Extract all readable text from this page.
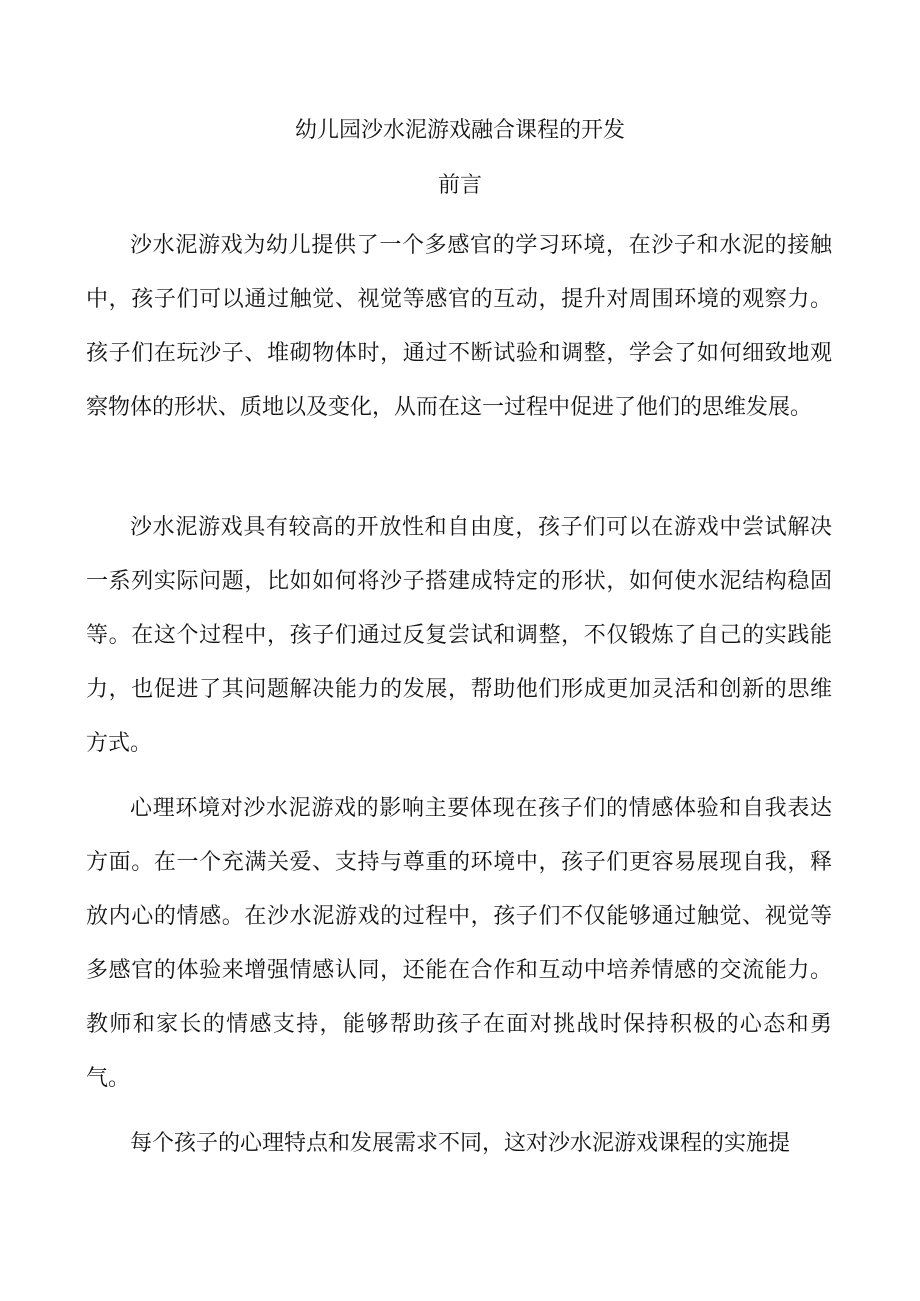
幼儿园沙水泥游戏融合课程的开发
前言

沙水泥游戏为幼儿提供了一个多感官的学习环境，在沙子和水泥的接触中，孩子们可以通过触觉、视觉等感官的互动，提升对周围环境的观察力。孩子们在玩沙子、堆砌物体时，通过不断试验和调整，学会了如何细致地观察物体的形状、质地以及变化，从而在这一过程中促进了他们的思维发展。

沙水泥游戏具有较高的开放性和自由度，孩子们可以在游戏中尝试解决一系列实际问题，比如如何将沙子搭建成特定的形状，如何使水泥结构稳固等。在这个过程中，孩子们通过反复尝试和调整，不仅锻炼了自己的实践能力，也促进了其问题解决能力的发展，帮助他们形成更加灵活和创新的思维方式。

心理环境对沙水泥游戏的影响主要体现在孩子们的情感体验和自我表达方面。在一个充满关爱、支持与尊重的环境中，孩子们更容易展现自我，释放内心的情感。在沙水泥游戏的过程中，孩子们不仅能够通过触觉、视觉等多感官的体验来增强情感认同，还能在合作和互动中培养情感的交流能力。教师和家长的情感支持，能够帮助孩子在面对挑战时保持积极的心态和勇气。

每个孩子的心理特点和发展需求不同，这对沙水泥游戏课程的实施提
